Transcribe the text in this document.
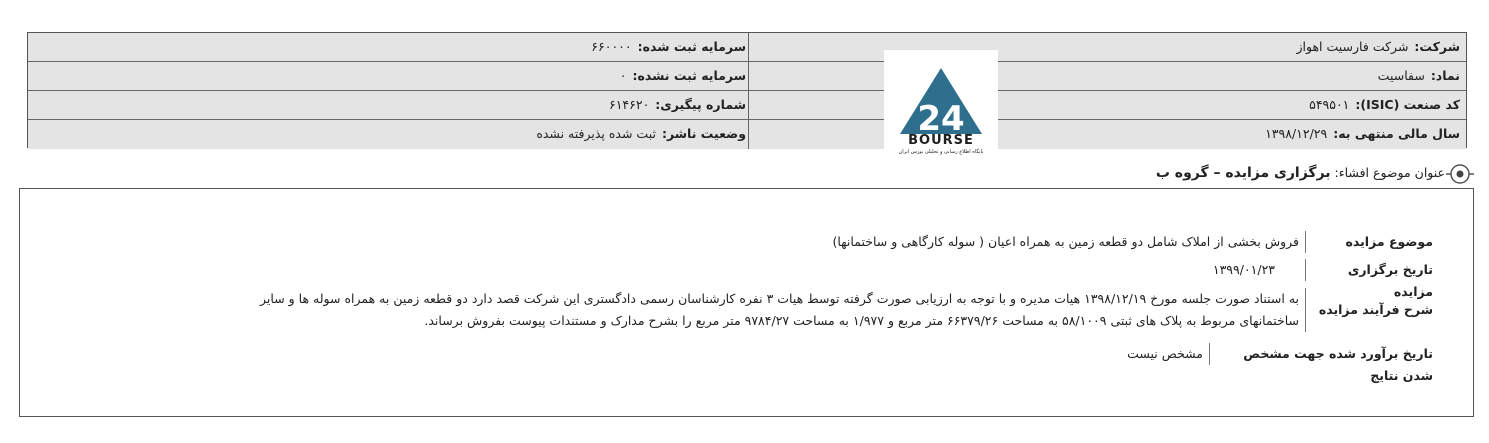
شرکت:شرکت فارسیت اهواز
سرمایه ثبت شده:۶۶۰۰۰۰
نماد:سفاسیت
سرمایه ثبت نشده:۰
کد صنعت (ISIC):۵۴۹۵۰۱
شماره پیگیری:۶۱۴۶۲۰
سال مالی منتهی به:۱۳۹۸/۱۲/۲۹
وضعیت ناشر:ثبت شده پذیرفته نشده	24
BOURSE
پایگاه اطلاع رسانی و تحلیلی بورس ایران
عنوان موضوع افشاء:برگزاری مزایده – گروه ب
موضوع مزایده
فروش بخشی از املاک شامل دو قطعه زمین به همراه اعیان ( سوله کارگاهی و ساختمانها)
تاریخ برگزاری مزایده
۱۳۹۹/۰۱/۲۳
شرح فرآیند مزایده
به استناد صورت جلسه مورخ ۱۳۹۸/۱۲/۱۹ هیات مدیره و با توجه به ارزیابی صورت گرفته توسط هیات ۳ نفره کارشناسان رسمی دادگستری این شرکت قصد دارد دو قطعه زمین به همراه سوله ها و سایر
ساختمانهای مربوط به پلاک های ثبتی ۵۸/۱۰۰۹ به مساحت ۶۶۳۷۹/۲۶ متر مربع و ۱/۹۷۷ به مساحت ۹۷۸۴/۲۷ متر مربع را بشرح مدارک و مستندات پیوست بفروش برساند.
تاریخ برآورد شده جهت مشخص شدن نتایج
مشخص نیست
